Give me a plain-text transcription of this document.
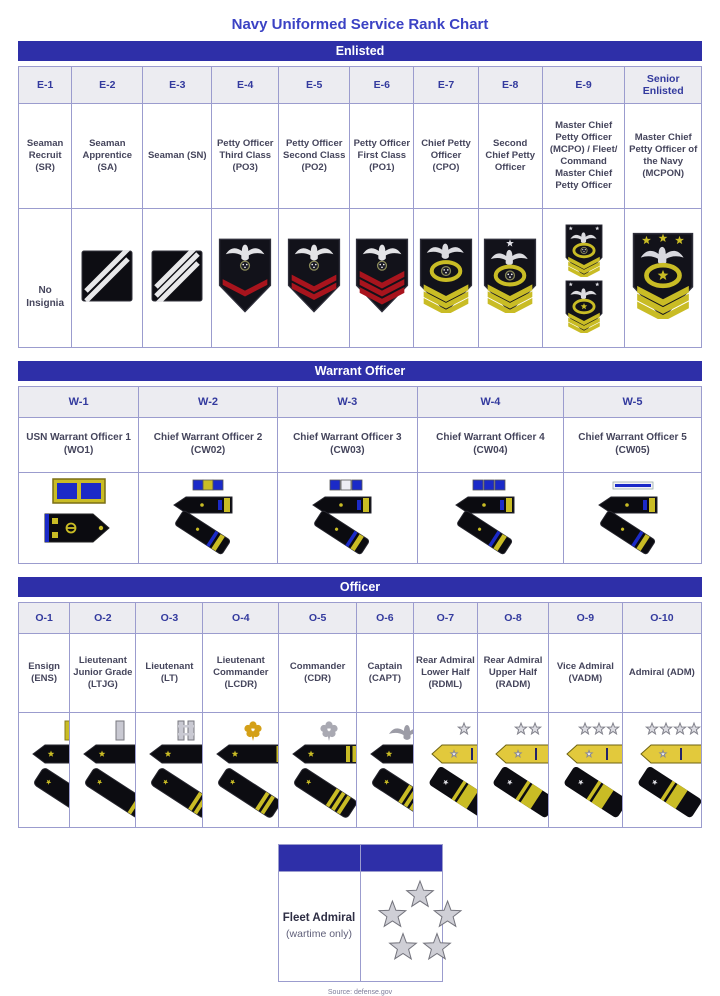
Navy Uniformed Service Rank Chart
Enlisted
E-1	E-2	E-3	E-4	E-5	E-6	E-7	E-8	E-9	Senior Enlisted
Seaman Recruit (SR)	Seaman Apprentice (SA)	Seaman (SN)	Petty Officer Third Class (PO3)	Petty Officer Second Class (PO2)	Petty Officer First Class (PO1)	Chief Petty Officer (CPO)	Second Chief Petty Officer	Master Chief Petty Officer (MCPO) / Fleet/ Command Master Chief Petty Officer	Master Chief Petty Officer of the Navy (MCPON)
No Insignia								

Warrant Officer
W-1	W-2	W-3	W-4	W-5
USN Warrant Officer 1 (WO1)	Chief Warrant Officer 2 (CW02)	Chief Warrant Officer 3 (CW03)	Chief Warrant Officer 4 (CW04)	Chief Warrant Officer 5 (CW05)

Officer
O-1	O-2	O-3	O-4	O-5	O-6	O-7	O-8	O-9	O-10
Ensign (ENS)	Lieutenant Junior Grade (LTJG)	Lieutenant (LT)	Lieutenant Commander (LCDR)	Commander (CDR)	Captain (CAPT)	Rear Admiral Lower Half (RDML)	Rear Admiral Upper Half (RADM)	Vice Admiral (VADM)	Admiral (ADM)

Fleet Admiral
(wartime only)

Source: defense.gov
